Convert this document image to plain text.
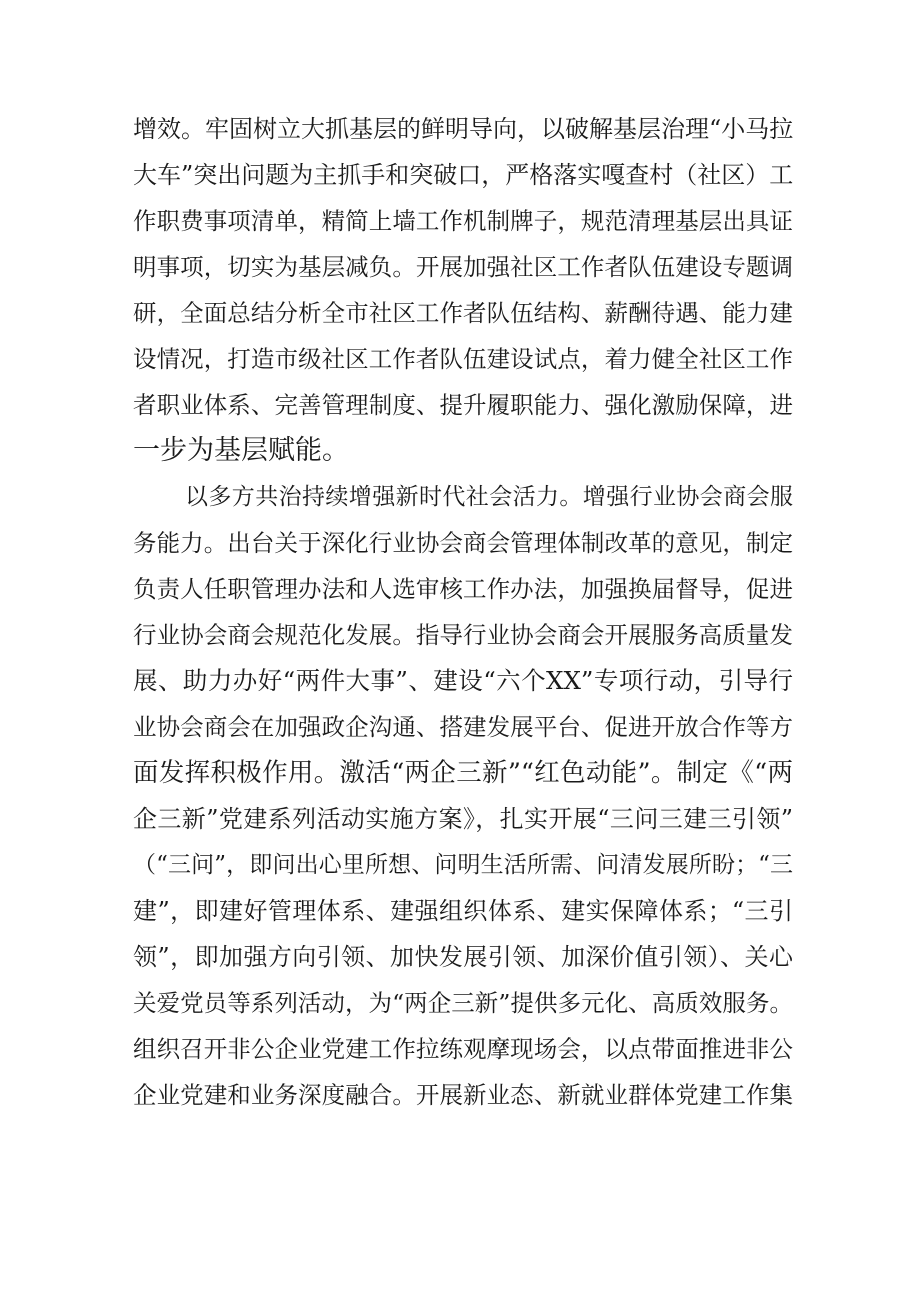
增效。牢固树立大抓基层的鲜明导向，以破解基层治理“小马拉
大车”突出问题为主抓手和突破口，严格落实嘎查村（社区）工
作职费事项清单，精简上墙工作机制牌子，规范清理基层出具证
明事项，切实为基层减负。开展加强社区工作者队伍建设专题调
研，全面总结分析全市社区工作者队伍结构、薪酬待遇、能力建
设情况，打造市级社区工作者队伍建设试点，着力健全社区工作
者职业体系、完善管理制度、提升履职能力、强化激励保障，进
一步为基层赋能。
以多方共治持续增强新时代社会活力。增强行业协会商会服
务能力。出台关于深化行业协会商会管理体制改革的意见，制定
负责人任职管理办法和人选审核工作办法，加强换届督导，促进
行业协会商会规范化发展。指导行业协会商会开展服务高质量发
展、助力办好“两件大事”、建设“六个XX”专项行动，引导行
业协会商会在加强政企沟通、搭建发展平台、促进开放合作等方
面发挥积极作用。激活“两企三新”“红色动能”。制定《“两
企三新”党建系列活动实施方案》，扎实开展“三问三建三引领”
（“三问”，即问出心里所想、问明生活所需、问清发展所盼；“三
建”，即建好管理体系、建强组织体系、建实保障体系；“三引
领”，即加强方向引领、加快发展引领、加深价值引领）、关心
关爱党员等系列活动，为“两企三新”提供多元化、高质效服务。
组织召开非公企业党建工作拉练观摩现场会，以点带面推进非公
企业党建和业务深度融合。开展新业态、新就业群体党建工作集
